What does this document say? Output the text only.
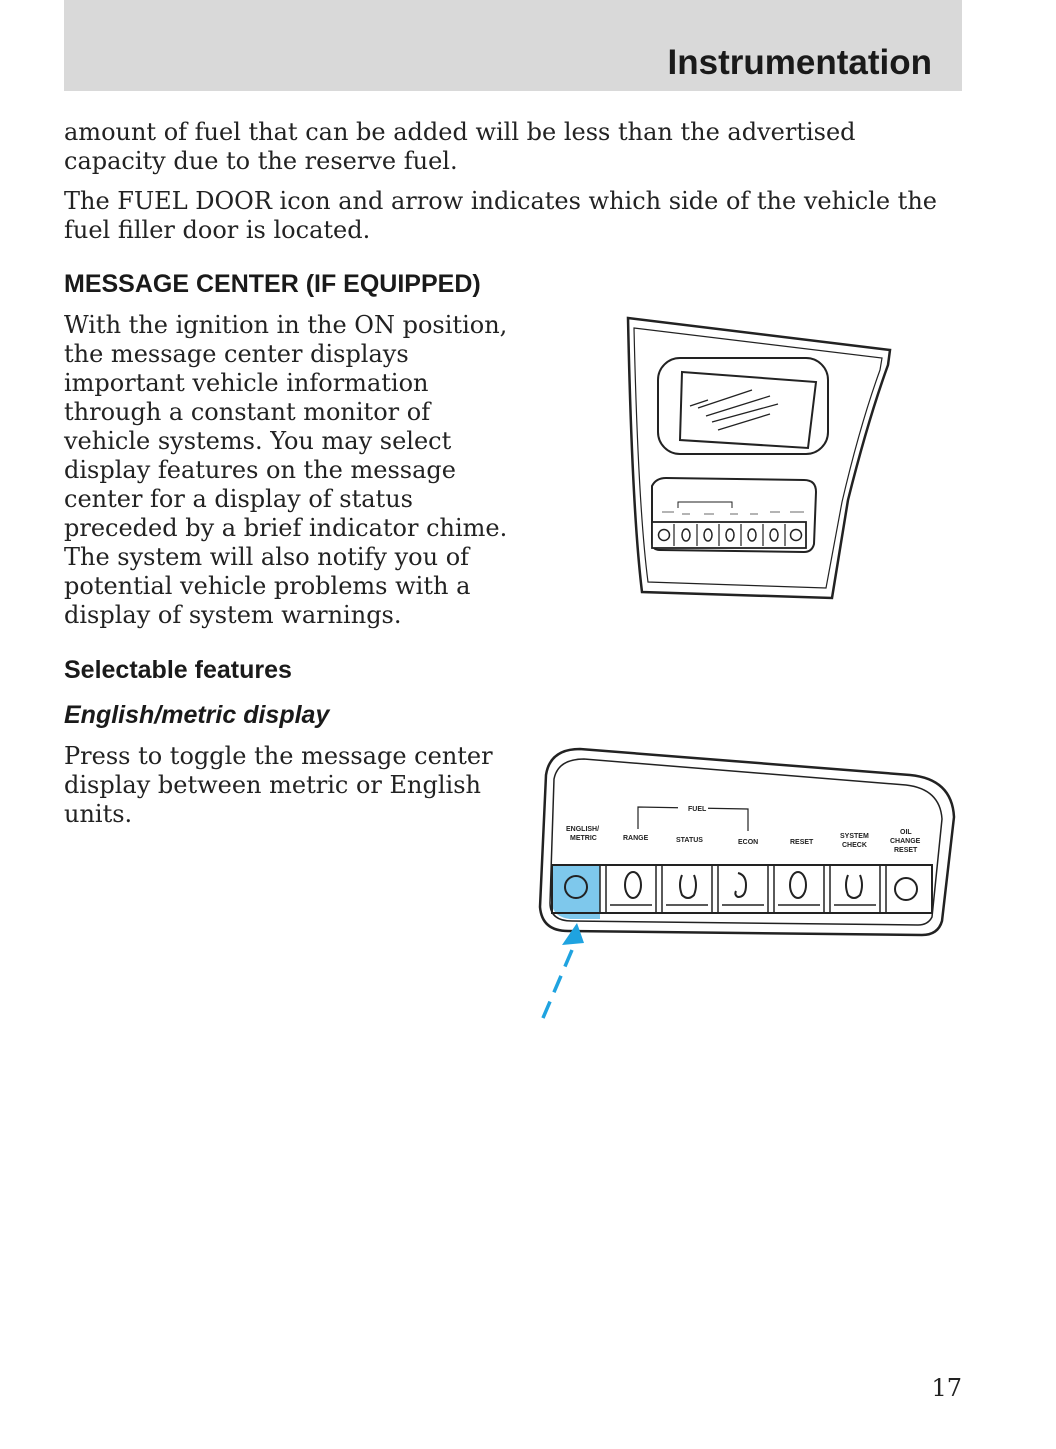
Instrumentation

amount of fuel that can be added will be less than the advertised
capacity due to the reserve fuel.

The FUEL DOOR icon and arrow indicates which side of the vehicle the
fuel filler door is located.

MESSAGE CENTER (IF EQUIPPED)

With the ignition in the ON position,
the message center displays
important vehicle information
through a constant monitor of
vehicle systems. You may select
display features on the message
center for a display of status
preceded by a brief indicator chime.
The system will also notify you of
potential vehicle problems with a
display of system warnings.

Selectable features
English/metric display

Press to toggle the message center
display between metric or English
units.	FUEL
ENGLISH/
METRIC	RANGE	STATUS	ECON	RESET
SYSTEM
CHECK
OIL
CHANGE
RESET
17
